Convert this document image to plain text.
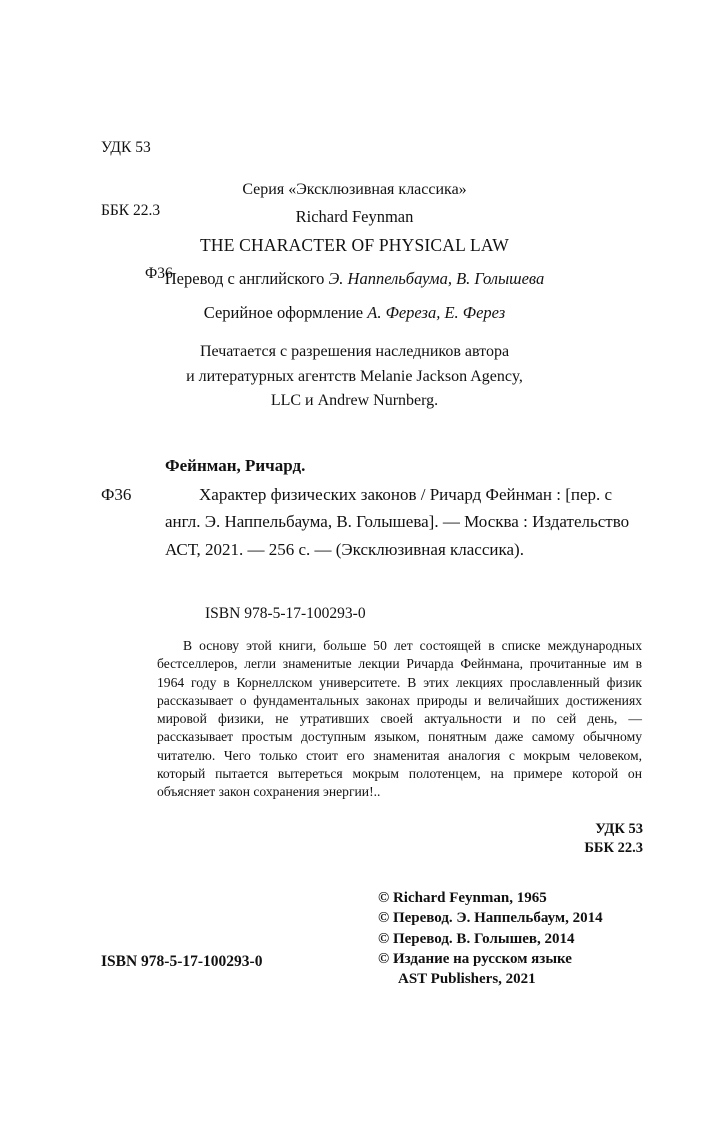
УДК 53

ББК 22.3

Ф36

Серия «Эксклюзивная классика»
Richard Feynman
THE CHARACTER OF PHYSICAL LAW
Перевод с английского Э. Наппельбаума, В. Голышева
Серийное оформление А. Фереза, Е. Ферез
Печатается с разрешения наследников автора
и литературных агентств Melanie Jackson Agency,
LLC и Andrew Nurnberg.
Фейнман, Ричард.
Ф36	Характер физических законов / Ричард Фейнман : [пер. с англ. Э. Наппельбаума, В. Голышева]. — Москва : Издательство АСТ, 2021. — 256 с. — (Эксклюзивная классика).
ISBN 978-5-17-100293-0
В основу этой книги, больше 50 лет состоящей в списке международных бестселлеров, легли знаменитые лекции Ричарда Фейнмана, прочитанные им в 1964 году в Корнеллском университете. В этих лекциях прославленный физик рассказывает о фундаментальных законах природы и величайших достижениях мировой физики, не утративших своей актуальности и по сей день, — рассказывает простым доступным языком, понятным даже самому обычному читателю. Чего только стоит его знаменитая аналогия с мокрым человеком, который пытается вытереться мокрым полотенцем, на примере которой он объясняет закон сохранения энергии!..
УДК 53
ББК 22.3
© Richard Feynman, 1965
© Перевод. Э. Наппельбаум, 2014
© Перевод. В. Голышев, 2014
© Издание на русском языке
AST Publishers, 2021
ISBN 978-5-17-100293-0
